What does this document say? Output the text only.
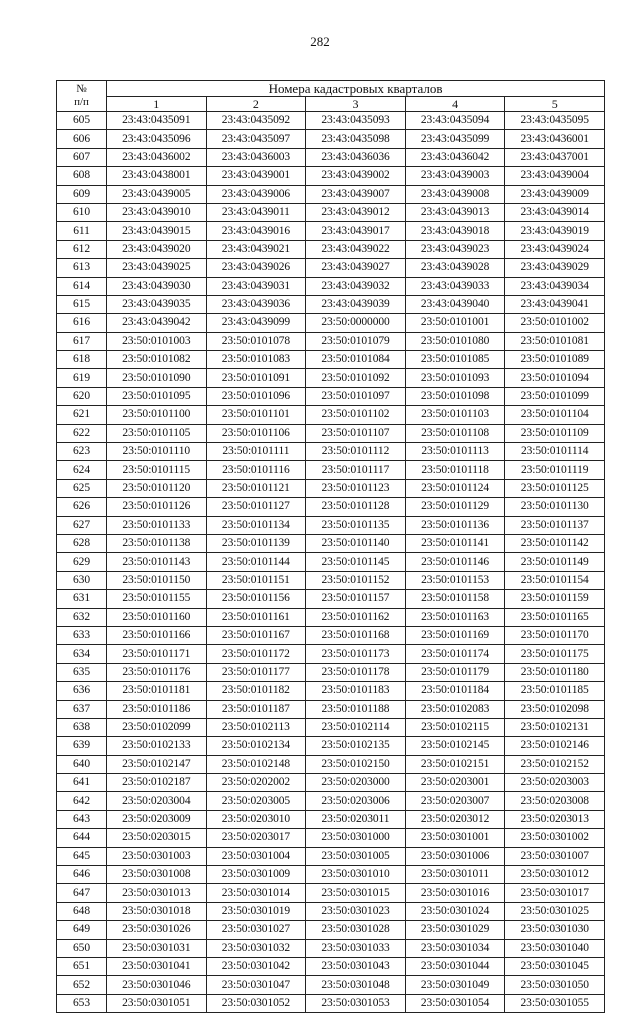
282
№
п/п	Номера кадастровых кварталов				
	1	2	3	4	5
605	23:43:0435091	23:43:0435092	23:43:0435093	23:43:0435094	23:43:0435095
606	23:43:0435096	23:43:0435097	23:43:0435098	23:43:0435099	23:43:0436001
607	23:43:0436002	23:43:0436003	23:43:0436036	23:43:0436042	23:43:0437001
608	23:43:0438001	23:43:0439001	23:43:0439002	23:43:0439003	23:43:0439004
609	23:43:0439005	23:43:0439006	23:43:0439007	23:43:0439008	23:43:0439009
610	23:43:0439010	23:43:0439011	23:43:0439012	23:43:0439013	23:43:0439014
611	23:43:0439015	23:43:0439016	23:43:0439017	23:43:0439018	23:43:0439019
612	23:43:0439020	23:43:0439021	23:43:0439022	23:43:0439023	23:43:0439024
613	23:43:0439025	23:43:0439026	23:43:0439027	23:43:0439028	23:43:0439029
614	23:43:0439030	23:43:0439031	23:43:0439032	23:43:0439033	23:43:0439034
615	23:43:0439035	23:43:0439036	23:43:0439039	23:43:0439040	23:43:0439041
616	23:43:0439042	23:43:0439099	23:50:0000000	23:50:0101001	23:50:0101002
617	23:50:0101003	23:50:0101078	23:50:0101079	23:50:0101080	23:50:0101081
618	23:50:0101082	23:50:0101083	23:50:0101084	23:50:0101085	23:50:0101089
619	23:50:0101090	23:50:0101091	23:50:0101092	23:50:0101093	23:50:0101094
620	23:50:0101095	23:50:0101096	23:50:0101097	23:50:0101098	23:50:0101099
621	23:50:0101100	23:50:0101101	23:50:0101102	23:50:0101103	23:50:0101104
622	23:50:0101105	23:50:0101106	23:50:0101107	23:50:0101108	23:50:0101109
623	23:50:0101110	23:50:0101111	23:50:0101112	23:50:0101113	23:50:0101114
624	23:50:0101115	23:50:0101116	23:50:0101117	23:50:0101118	23:50:0101119
625	23:50:0101120	23:50:0101121	23:50:0101123	23:50:0101124	23:50:0101125
626	23:50:0101126	23:50:0101127	23:50:0101128	23:50:0101129	23:50:0101130
627	23:50:0101133	23:50:0101134	23:50:0101135	23:50:0101136	23:50:0101137
628	23:50:0101138	23:50:0101139	23:50:0101140	23:50:0101141	23:50:0101142
629	23:50:0101143	23:50:0101144	23:50:0101145	23:50:0101146	23:50:0101149
630	23:50:0101150	23:50:0101151	23:50:0101152	23:50:0101153	23:50:0101154
631	23:50:0101155	23:50:0101156	23:50:0101157	23:50:0101158	23:50:0101159
632	23:50:0101160	23:50:0101161	23:50:0101162	23:50:0101163	23:50:0101165
633	23:50:0101166	23:50:0101167	23:50:0101168	23:50:0101169	23:50:0101170
634	23:50:0101171	23:50:0101172	23:50:0101173	23:50:0101174	23:50:0101175
635	23:50:0101176	23:50:0101177	23:50:0101178	23:50:0101179	23:50:0101180
636	23:50:0101181	23:50:0101182	23:50:0101183	23:50:0101184	23:50:0101185
637	23:50:0101186	23:50:0101187	23:50:0101188	23:50:0102083	23:50:0102098
638	23:50:0102099	23:50:0102113	23:50:0102114	23:50:0102115	23:50:0102131
639	23:50:0102133	23:50:0102134	23:50:0102135	23:50:0102145	23:50:0102146
640	23:50:0102147	23:50:0102148	23:50:0102150	23:50:0102151	23:50:0102152
641	23:50:0102187	23:50:0202002	23:50:0203000	23:50:0203001	23:50:0203003
642	23:50:0203004	23:50:0203005	23:50:0203006	23:50:0203007	23:50:0203008
643	23:50:0203009	23:50:0203010	23:50:0203011	23:50:0203012	23:50:0203013
644	23:50:0203015	23:50:0203017	23:50:0301000	23:50:0301001	23:50:0301002
645	23:50:0301003	23:50:0301004	23:50:0301005	23:50:0301006	23:50:0301007
646	23:50:0301008	23:50:0301009	23:50:0301010	23:50:0301011	23:50:0301012
647	23:50:0301013	23:50:0301014	23:50:0301015	23:50:0301016	23:50:0301017
648	23:50:0301018	23:50:0301019	23:50:0301023	23:50:0301024	23:50:0301025
649	23:50:0301026	23:50:0301027	23:50:0301028	23:50:0301029	23:50:0301030
650	23:50:0301031	23:50:0301032	23:50:0301033	23:50:0301034	23:50:0301040
651	23:50:0301041	23:50:0301042	23:50:0301043	23:50:0301044	23:50:0301045
652	23:50:0301046	23:50:0301047	23:50:0301048	23:50:0301049	23:50:0301050
653	23:50:0301051	23:50:0301052	23:50:0301053	23:50:0301054	23:50:0301055
